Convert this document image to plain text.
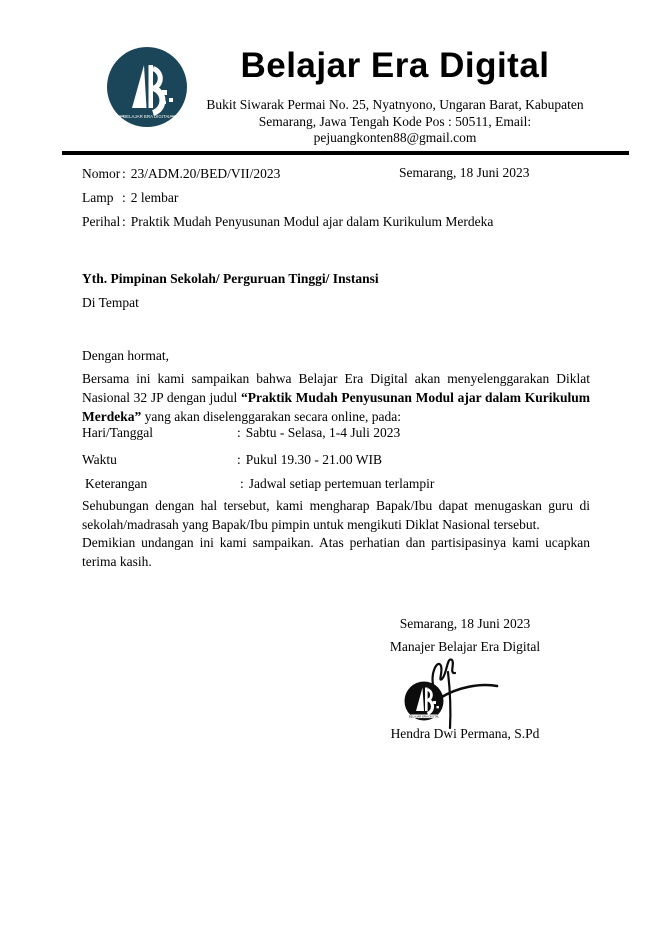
BELAJAR ERA DIGITAL
Belajar Era Digital
Bukit Siwarak Permai No. 25, Nyatnyono, Ungaran Barat, Kabupaten
Semarang, Jawa Tengah Kode Pos : 50511, Email:
pejuangkonten88@gmail.com
Nomor : 23/ADM.20/BED/VII/2023	Semarang, 18 Juni 2023
Lamp : 2 lembar
Perihal : Praktik Mudah Penyusunan Modul ajar dalam Kurikulum Merdeka
Yth. Pimpinan Sekolah/ Perguruan Tinggi/ Instansi
Di Tempat
Dengan hormat,

Bersama ini kami sampaikan bahwa Belajar Era Digital akan menyelenggarakan Diklat Nasional 32 JP dengan judul “Praktik Mudah Penyusunan Modul ajar dalam Kurikulum Merdeka” yang akan diselenggarakan secara online, pada:

Hari/Tanggal	: Sabtu - Selasa, 1-4 Juli 2023
Waktu	: Pukul 19.30 - 21.00 WIB
Keterangan	: Jadwal setiap pertemuan terlampir

Sehubungan dengan hal tersebut, kami mengharap Bapak/Ibu dapat menugaskan guru di sekolah/madrasah yang Bapak/Ibu pimpin untuk mengikuti Diklat Nasional tersebut.

Demikian undangan ini kami sampaikan. Atas perhatian dan partisipasinya kami ucapkan terima kasih.

Semarang, 18 Juni 2023
Manajer Belajar Era Digital
BELAJAR ERA DIGITAL
Hendra Dwi Permana, S.Pd
